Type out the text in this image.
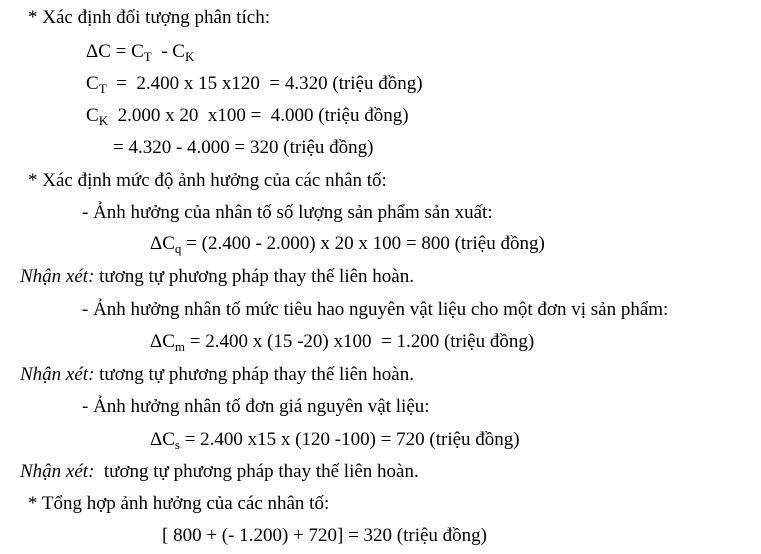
* Xác định đối tượng phân tích:
$\Delta C = C_T - C_K$
$C_T = 2.400$ x 15 x120  = 4.320 (triệu đồng)
$C_K$  2.000 x 20  x100 =  4.000 (triệu đồng)
= 4.320 - 4.000 = 320 (triệu đồng)
* Xác định mức độ ảnh hưởng của các nhân tố:
- Ảnh hưởng của nhân tố số lượng sản phẩm sản xuất:
$\Delta C_q = (2.400 - 2.000)$ x 20 x 100 = 800 (triệu đồng)
Nhận xét: tương tự phương pháp thay thế liên hoàn.
- Ảnh hưởng nhân tố mức tiêu hao nguyên vật liệu cho một đơn vị sản phẩm:
$\Delta C_m = 2.400$ x (15 -20) x100  = 1.200 (triệu đồng)
Nhận xét: tương tự phương pháp thay thế liên hoàn.
- Ảnh hưởng nhân tố đơn giá nguyên vật liệu:
$\Delta C_s = 2.400$ x15 x (120 -100) = 720 (triệu đồng)
Nhận xét:  tương tự phương pháp thay thế liên hoàn.
* Tổng hợp ảnh hưởng của các nhân tố:
[ 800 + (- 1.200) + 720] = 320 (triệu đồng)
